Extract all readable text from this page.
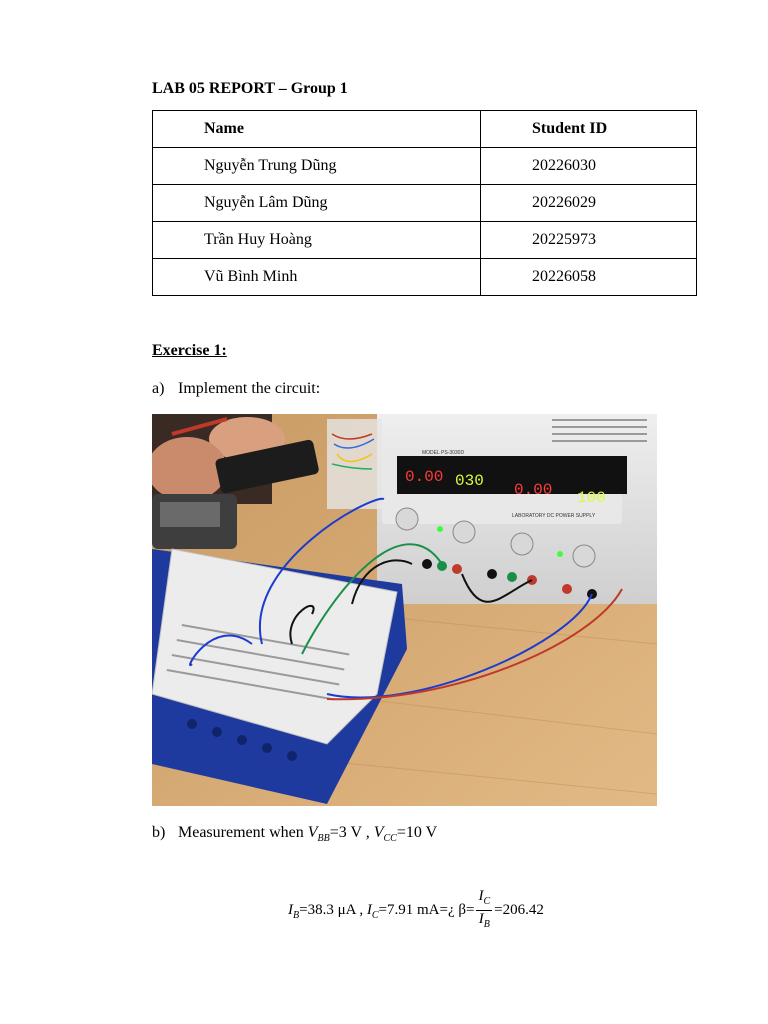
LAB 05 REPORT – Group 1
Name	Student ID
Nguyễn Trung Dũng	20226030
Nguyễn Lâm Dũng	20226029
Trần Huy Hoàng	20225973
Vũ Bình Minh	20226058
Exercise 1:
a) Implement the circuit:
0.00 030 0.00 100
MODEL PS-3030D
LABORATORY DC POWER SUPPLY
b) Measurement when $V_{BB}=3$ V , $V_{CC}=10$ V
$I_B=38.3$ μA , $I_C=7.91$ mA=¿ $\beta= \frac{I_C}{I_B} =206.42$
